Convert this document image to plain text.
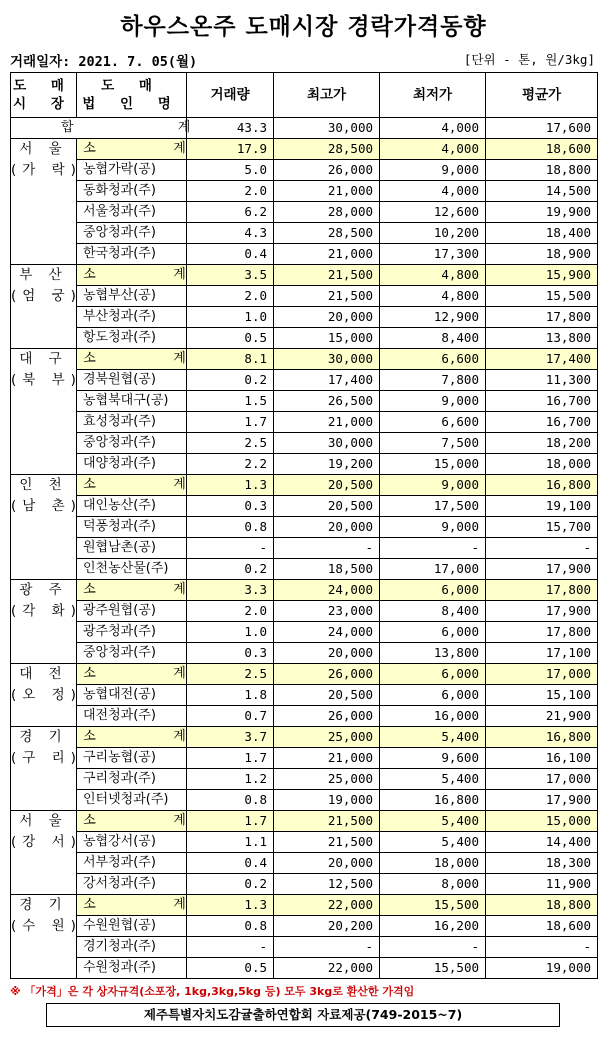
하우스온주 도매시장 경락가격동향
거래일자: 2021. 7. 05(월)	[단위 - 톤, 원/3kg]
도 매
시 장	도 매
법 인 명	거래량	최고가	최저가	평균가
합 계		43.3	30,000	4,000	17,600

서 울
(가 락)	소 계	17.9	28,500	4,000	18,600
	농협가락(공)	5.0	26,000	9,000	18,800
	동화청과(주)	2.0	21,000	4,000	14,500
	서울청과(주)	6.2	28,000	12,600	19,900
	중앙청과(주)	4.3	28,500	10,200	18,400
	한국청과(주)	0.4	21,000	17,300	18,900

부 산
(엄 궁)	소 계	3.5	21,500	4,800	15,900
	농협부산(공)	2.0	21,500	4,800	15,500
	부산청과(주)	1.0	20,000	12,900	17,800
	항도청과(주)	0.5	15,000	8,400	13,800

대 구
(북 부)	소 계	8.1	30,000	6,600	17,400
	경북원협(공)	0.2	17,400	7,800	11,300
	농협북대구(공)	1.5	26,500	9,000	16,700
	효성청과(주)	1.7	21,000	6,600	16,700
	중앙청과(주)	2.5	30,000	7,500	18,200
	대양청과(주)	2.2	19,200	15,000	18,000

인 천
(남 촌)	소 계	1.3	20,500	9,000	16,800
	대인농산(주)	0.3	20,500	17,500	19,100
	덕풍청과(주)	0.8	20,000	9,000	15,700
	원협남촌(공)	-	-	-	-
	인천농산물(주)	0.2	18,500	17,000	17,900

광 주
(각 화)	소 계	3.3	24,000	6,000	17,800
	광주원협(공)	2.0	23,000	8,400	17,900
	광주청과(주)	1.0	24,000	6,000	17,800
	중앙청과(주)	0.3	20,000	13,800	17,100

대 전
(오 정)	소 계	2.5	26,000	6,000	17,000
	농협대전(공)	1.8	20,500	6,000	15,100
	대전청과(주)	0.7	26,000	16,000	21,900

경 기
(구 리)	소 계	3.7	25,000	5,400	16,800
	구리농협(공)	1.7	21,000	9,600	16,100
	구리청과(주)	1.2	25,000	5,400	17,000
	인터넷청과(주)	0.8	19,000	16,800	17,900

서 울
(강 서)	소 계	1.7	21,500	5,400	15,000
	농협강서(공)	1.1	21,500	5,400	14,400
	서부청과(주)	0.4	20,000	18,000	18,300
	강서청과(주)	0.2	12,500	8,000	11,900

경 기
(수 원)	소 계	1.3	22,000	15,500	18,800
	수원원협(공)	0.8	20,200	16,200	18,600
	경기청과(주)	-	-	-	-
	수원청과(주)	0.5	22,000	15,500	19,000
※ 「가격」은 각 상자규격(소포장, 1kg,3kg,5kg 등) 모두 3kg로 환산한 가격임
제주특별자치도감귤출하연합회 자료제공(749-2015~7)
